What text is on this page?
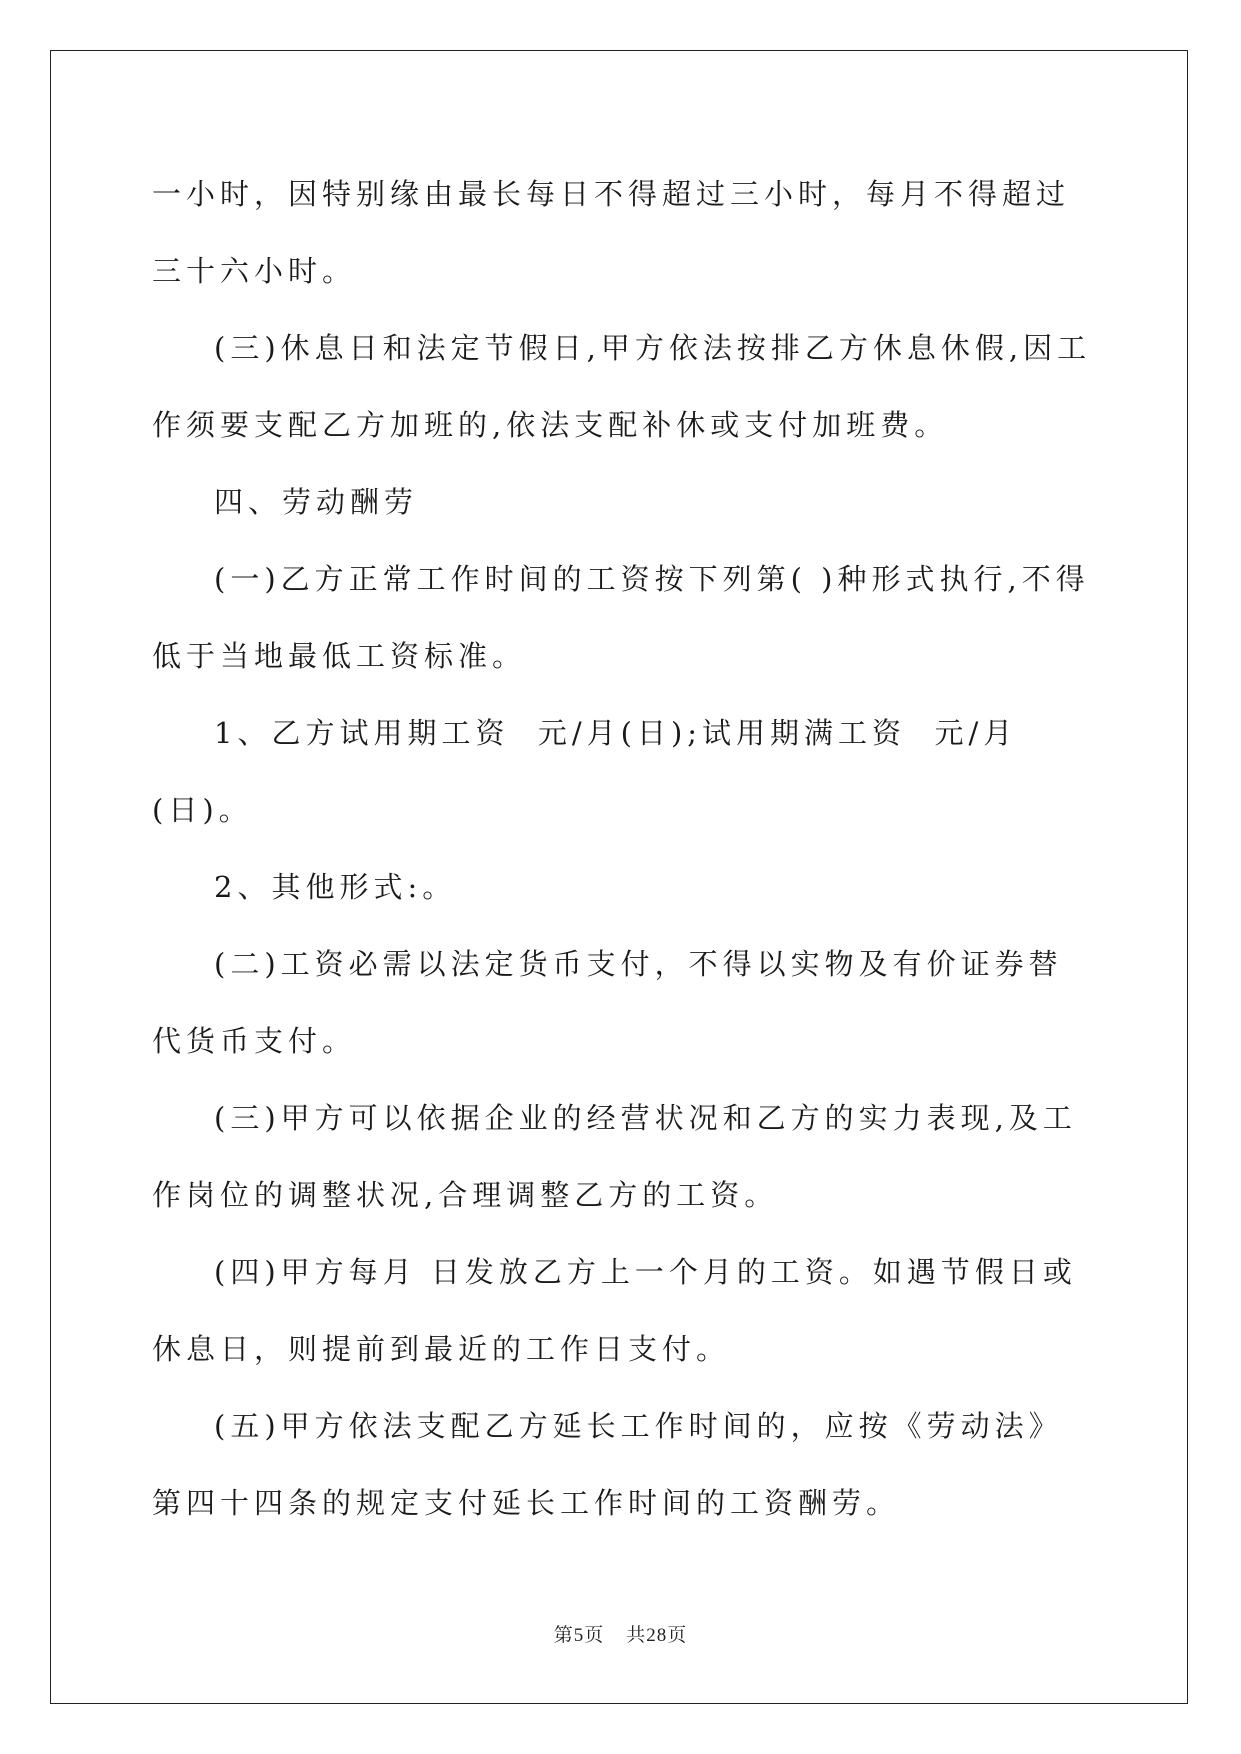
一小时，因特别缘由最长每日不得超过三小时，每月不得超过三十六小时。

(三)休息日和法定节假日,甲方依法按排乙方休息休假,因工作须要支配乙方加班的,依法支配补休或支付加班费。

四、劳动酬劳

(一)乙方正常工作时间的工资按下列第( )种形式执行,不得低于当地最低工资标准。

1、乙方试用期工资  元/月(日);试用期满工资  元/月(日)。

2、其他形式:。

(二)工资必需以法定货币支付，不得以实物及有价证券替代货币支付。

(三)甲方可以依据企业的经营状况和乙方的实力表现,及工作岗位的调整状况,合理调整乙方的工资。

(四)甲方每月 日发放乙方上一个月的工资。如遇节假日或休息日，则提前到最近的工作日支付。

(五)甲方依法支配乙方延长工作时间的，应按《劳动法》第四十四条的规定支付延长工作时间的工资酬劳。

第5页 共28页
